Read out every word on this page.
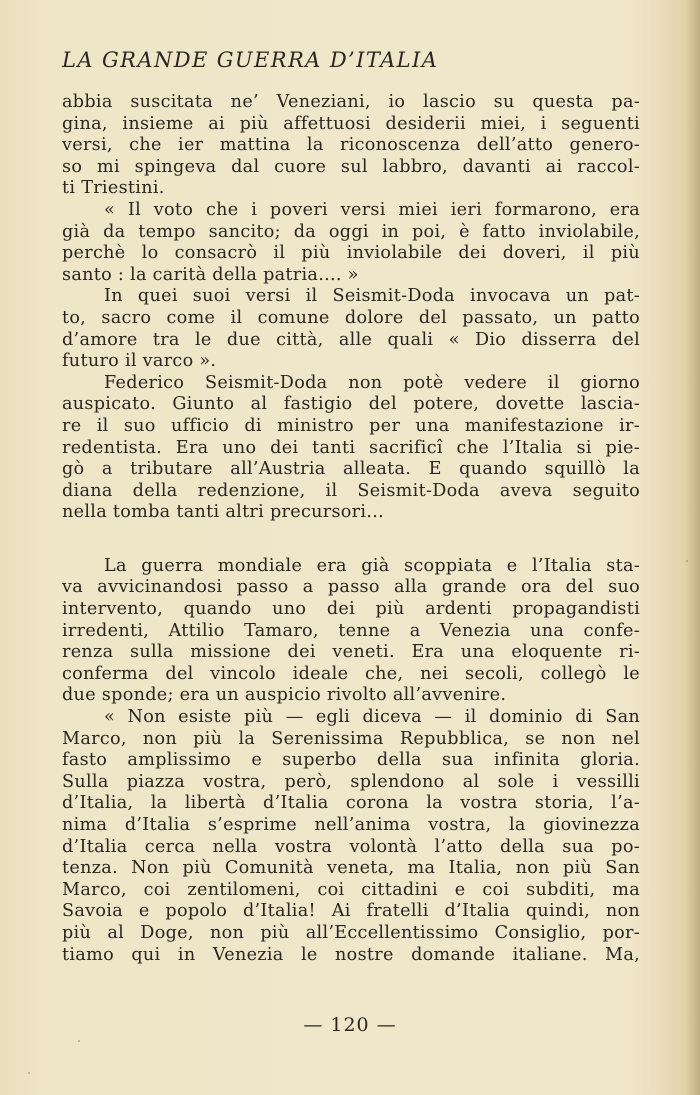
LA GRANDE GUERRA D’ITALIA
abbia suscitata ne’ Veneziani, io lascio su questa pa-
gina, insieme ai più affettuosi desiderii miei, i seguenti
versi, che ier mattina la riconoscenza dell’atto genero-
so mi spingeva dal cuore sul labbro, davanti ai raccol-
ti Triestini.
« Il voto che i poveri versi miei ieri formarono, era
già da tempo sancito; da oggi in poi, è fatto inviolabile,
perchè lo consacrò il più inviolabile dei doveri, il più
santo : la carità della patria.... »
In quei suoi versi il Seismit-Doda invocava un pat-
to, sacro come il comune dolore del passato, un patto
d’amore tra le due città, alle quali « Dio disserra del
futuro il varco ».
Federico Seismit-Doda non potè vedere il giorno
auspicato. Giunto al fastigio del potere, dovette lascia-
re il suo ufficio di ministro per una manifestazione ir-
redentista. Era uno dei tanti sacrificî che l’Italia si pie-
gò a tributare all’Austria alleata. E quando squillò la
diana della redenzione, il Seismit-Doda aveva seguito
nella tomba tanti altri precursori...
La guerra mondiale era già scoppiata e l’Italia sta-
va avvicinandosi passo a passo alla grande ora del suo
intervento, quando uno dei più ardenti propagandisti
irredenti, Attilio Tamaro, tenne a Venezia una confe-
renza sulla missione dei veneti. Era una eloquente ri-
conferma del vincolo ideale che, nei secoli, collegò le
due sponde; era un auspicio rivolto all’avvenire.
« Non esiste più — egli diceva — il dominio di San
Marco, non più la Serenissima Repubblica, se non nel
fasto amplissimo e superbo della sua infinita gloria.
Sulla piazza vostra, però, splendono al sole i vessilli
d’Italia, la libertà d’Italia corona la vostra storia, l’a-
nima d’Italia s’esprime nell’anima vostra, la giovinezza
d’Italia cerca nella vostra volontà l’atto della sua po-
tenza. Non più Comunità veneta, ma Italia, non più San
Marco, coi zentilomeni, coi cittadini e coi subditi, ma
Savoia e popolo d’Italia! Ai fratelli d’Italia quindi, non
più al Doge, non più all’Eccellentissimo Consiglio, por-
tiamo qui in Venezia le nostre domande italiane. Ma,
— 120 —
